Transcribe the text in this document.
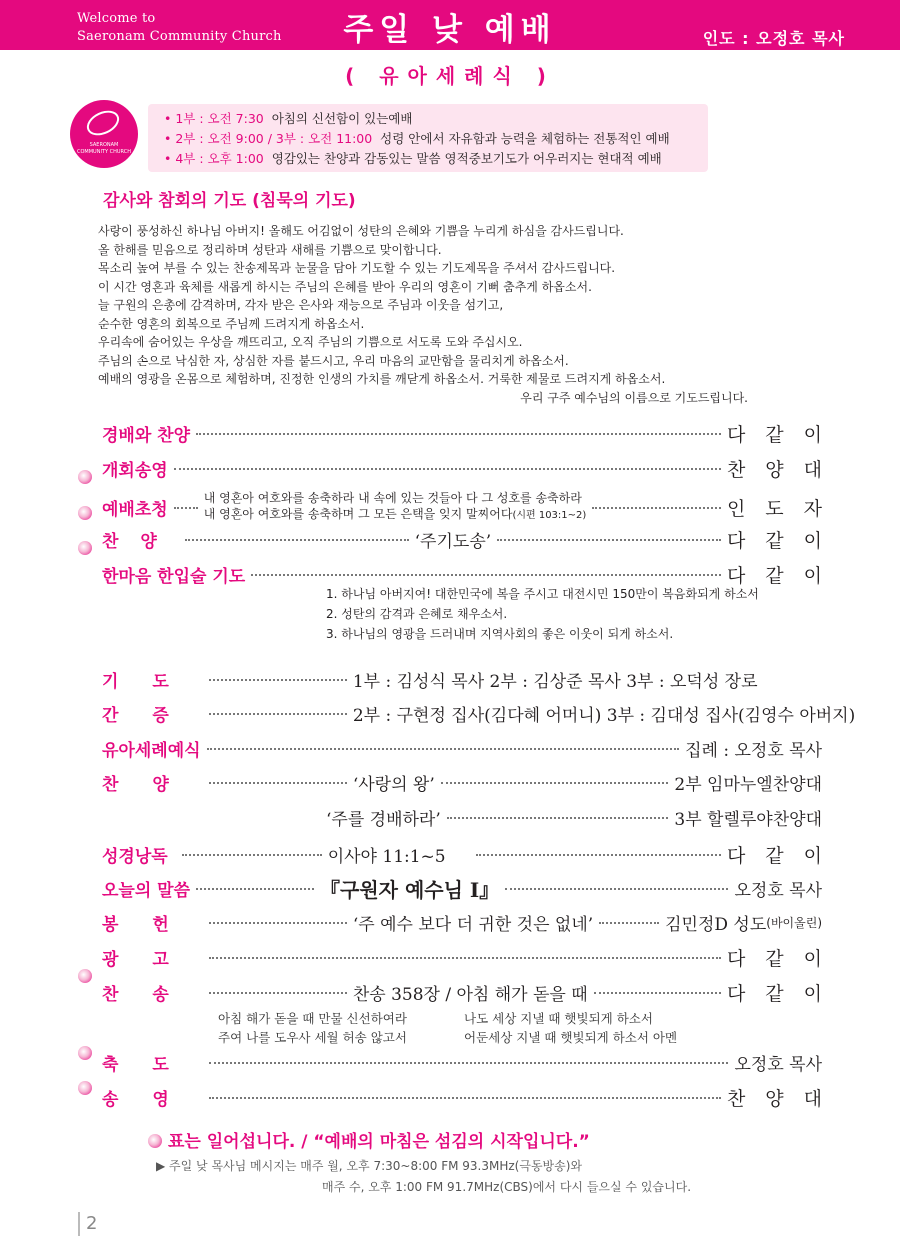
Welcome to
Saeronam Community Church	주일 낮 예배	인도 : 오정호 목사
( 유아세례식 )
SAERONAM
COMMUNITY CHURCH
• 1부 : 오전 7:30 아침의 신선함이 있는예배
• 2부 : 오전 9:00 / 3부 : 오전 11:00 성령 안에서 자유함과 능력을 체험하는 전통적인 예배
• 4부 : 오후 1:00 영감있는 찬양과 감동있는 말씀 영적중보기도가 어우러지는 현대적 예배
감사와 참회의 기도 (침묵의 기도)
사랑이 풍성하신 하나님 아버지! 올해도 어김없이 성탄의 은혜와 기쁨을 누리게 하심을 감사드립니다.
올 한해를 믿음으로 정리하며 성탄과 새해를 기쁨으로 맞이합니다.
목소리 높여 부를 수 있는 찬송제목과 눈물을 담아 기도할 수 있는 기도제목을 주셔서 감사드립니다.
이 시간 영혼과 육체를 새롭게 하시는 주님의 은혜를 받아 우리의 영혼이 기뻐 춤추게 하옵소서.
늘 구원의 은총에 감격하며, 각자 받은 은사와 재능으로 주님과 이웃을 섬기고,
순수한 영혼의 회복으로 주님께 드려지게 하옵소서.
우리속에 숨어있는 우상을 깨뜨리고, 오직 주님의 기쁨으로 서도록 도와 주십시오.
주님의 손으로 낙심한 자, 상심한 자를 붙드시고, 우리 마음의 교만함을 물리치게 하옵소서.
예배의 영광을 온몸으로 체험하며, 진정한 인생의 가치를 깨닫게 하옵소서. 거룩한 제물로 드려지게 하옵소서.
우리 구주 예수님의 이름으로 기도드립니다.
경배와 찬양	다같이
개회송영	찬양대
예배초청
내 영혼아 여호와를 송축하라 내 속에 있는 것들아 다 그 성호를 송축하라
내 영혼아 여호와를 송축하며 그 모든 은택을 잊지 말찌어다(시편 103:1~2)	인도자
찬양	‘주기도송’	다같이
한마음 한입술 기도	다같이
1. 하나님 아버지여! 대한민국에 복을 주시고 대전시민 150만이 복음화되게 하소서
2. 성탄의 감격과 은혜로 채우소서.
3. 하나님의 영광을 드러내며 지역사회의 좋은 이웃이 되게 하소서.
기도	1부 : 김성식 목사 2부 : 김상준 목사 3부 : 오덕성 장로
간증	2부 : 구현정 집사(김다혜 어머니) 3부 : 김대성 집사(김영수 아버지)
유아세례예식	집례 : 오정호 목사
찬양	‘사랑의 왕’	2부 임마누엘찬양대
‘주를 경배하라’	3부 할렐루야찬양대
성경낭독	이사야 11:1~5	다같이
오늘의 말씀	『구원자 예수님 I』	오정호 목사
봉헌	‘주 예수 보다 더 귀한 것은 없네’	김민정D 성도 (바이올린)
광고	다같이
찬송	찬송 358장 / 아침 해가 돋을 때	다같이
아침 해가 돋을 때 만물 신선하여라	나도 세상 지낼 때 햇빛되게 하소서
주여 나를 도우사 세월 허송 않고서	어둔세상 지낼 때 햇빛되게 하소서 아멘
축도	오정호 목사
송영	찬양대
표는 일어섭니다. / “예배의 마침은 섬김의 시작입니다.”
▶ 주일 낮 목사님 메시지는 매주 월, 오후 7:30~8:00 FM 93.3MHz(극동방송)와
매주 수, 오후 1:00 FM 91.7MHz(CBS)에서 다시 들으실 수 있습니다.
2
